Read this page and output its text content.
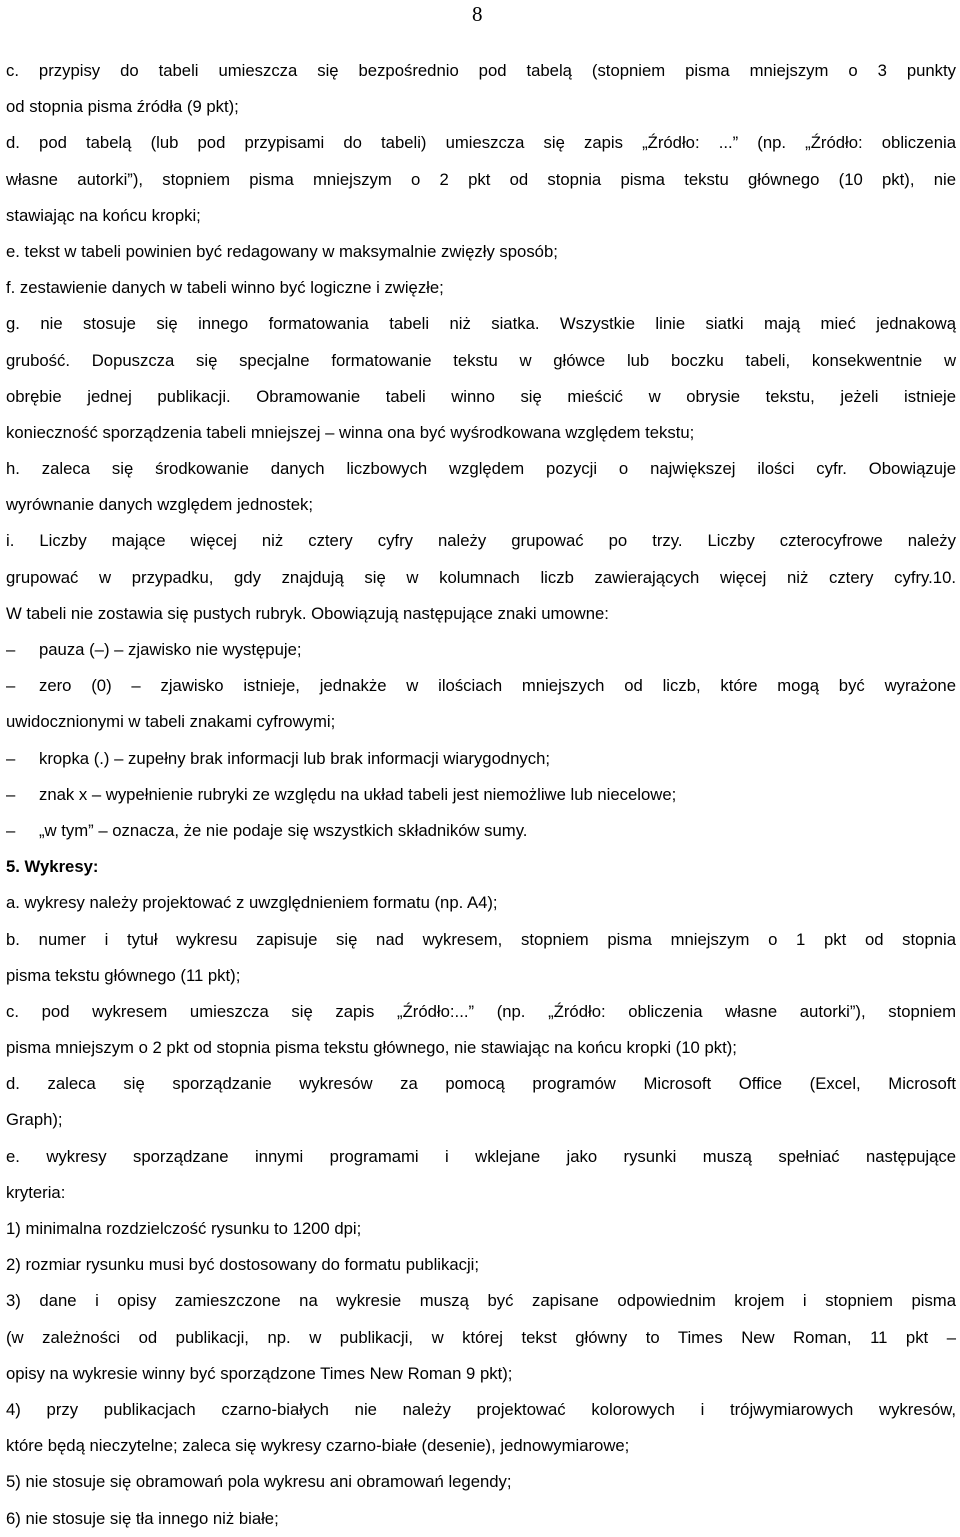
8
c. przypisy do tabeli umieszcza się bezpośrednio pod tabelą (stopniem pisma mniejszym o 3 punkty
od stopnia pisma źródła (9 pkt);
d. pod tabelą (lub pod przypisami do tabeli) umieszcza się zapis „Źródło: ...” (np. „Źródło: obliczenia
własne autorki”), stopniem pisma mniejszym o 2 pkt od stopnia pisma tekstu głównego (10 pkt), nie
stawiając na końcu kropki;
e. tekst w tabeli powinien być redagowany w maksymalnie zwięzły sposób;
f. zestawienie danych w tabeli winno być logiczne i zwięzłe;
g. nie stosuje się innego formatowania tabeli niż siatka. Wszystkie linie siatki mają mieć jednakową
grubość. Dopuszcza się specjalne formatowanie tekstu w główce lub boczku tabeli, konsekwentnie w
obrębie jednej publikacji. Obramowanie tabeli winno się mieścić w obrysie tekstu, jeżeli istnieje
konieczność sporządzenia tabeli mniejszej – winna ona być wyśrodkowana względem tekstu;
h. zaleca się środkowanie danych liczbowych względem pozycji o największej ilości cyfr. Obowiązuje
wyrównanie danych względem jednostek;
i. Liczby mające więcej niż cztery cyfry należy grupować po trzy. Liczby czterocyfrowe należy
grupować w przypadku, gdy znajdują się w kolumnach liczb zawierających więcej niż cztery cyfry.10.
W tabeli nie zostawia się pustych rubryk. Obowiązują następujące znaki umowne:
– pauza (–) – zjawisko nie występuje;
– zero (0) – zjawisko istnieje, jednakże w ilościach mniejszych od liczb, które mogą być wyrażone
uwidocznionymi w tabeli znakami cyfrowymi;
– kropka (.) – zupełny brak informacji lub brak informacji wiarygodnych;
– znak x – wypełnienie rubryki ze względu na układ tabeli jest niemożliwe lub niecelowe;
– „w tym” – oznacza, że nie podaje się wszystkich składników sumy.
5. Wykresy:
a. wykresy należy projektować z uwzględnieniem formatu (np. A4);
b. numer i tytuł wykresu zapisuje się nad wykresem, stopniem pisma mniejszym o 1 pkt od stopnia
pisma tekstu głównego (11 pkt);
c. pod wykresem umieszcza się zapis „Źródło:...” (np. „Źródło: obliczenia własne autorki”), stopniem
pisma mniejszym o 2 pkt od stopnia pisma tekstu głównego, nie stawiając na końcu kropki (10 pkt);
d. zaleca się sporządzanie wykresów za pomocą programów Microsoft Office (Excel, Microsoft
Graph);
e. wykresy sporządzane innymi programami i wklejane jako rysunki muszą spełniać następujące
kryteria:
1) minimalna rozdzielczość rysunku to 1200 dpi;
2) rozmiar rysunku musi być dostosowany do formatu publikacji;
3) dane i opisy zamieszczone na wykresie muszą być zapisane odpowiednim krojem i stopniem pisma
(w zależności od publikacji, np. w publikacji, w której tekst główny to Times New Roman, 11 pkt –
opisy na wykresie winny być sporządzone Times New Roman 9 pkt);
4) przy publikacjach czarno-białych nie należy projektować kolorowych i trójwymiarowych wykresów,
które będą nieczytelne; zaleca się wykresy czarno-białe (desenie), jednowymiarowe;
5) nie stosuje się obramowań pola wykresu ani obramowań legendy;
6) nie stosuje się tła innego niż białe;
